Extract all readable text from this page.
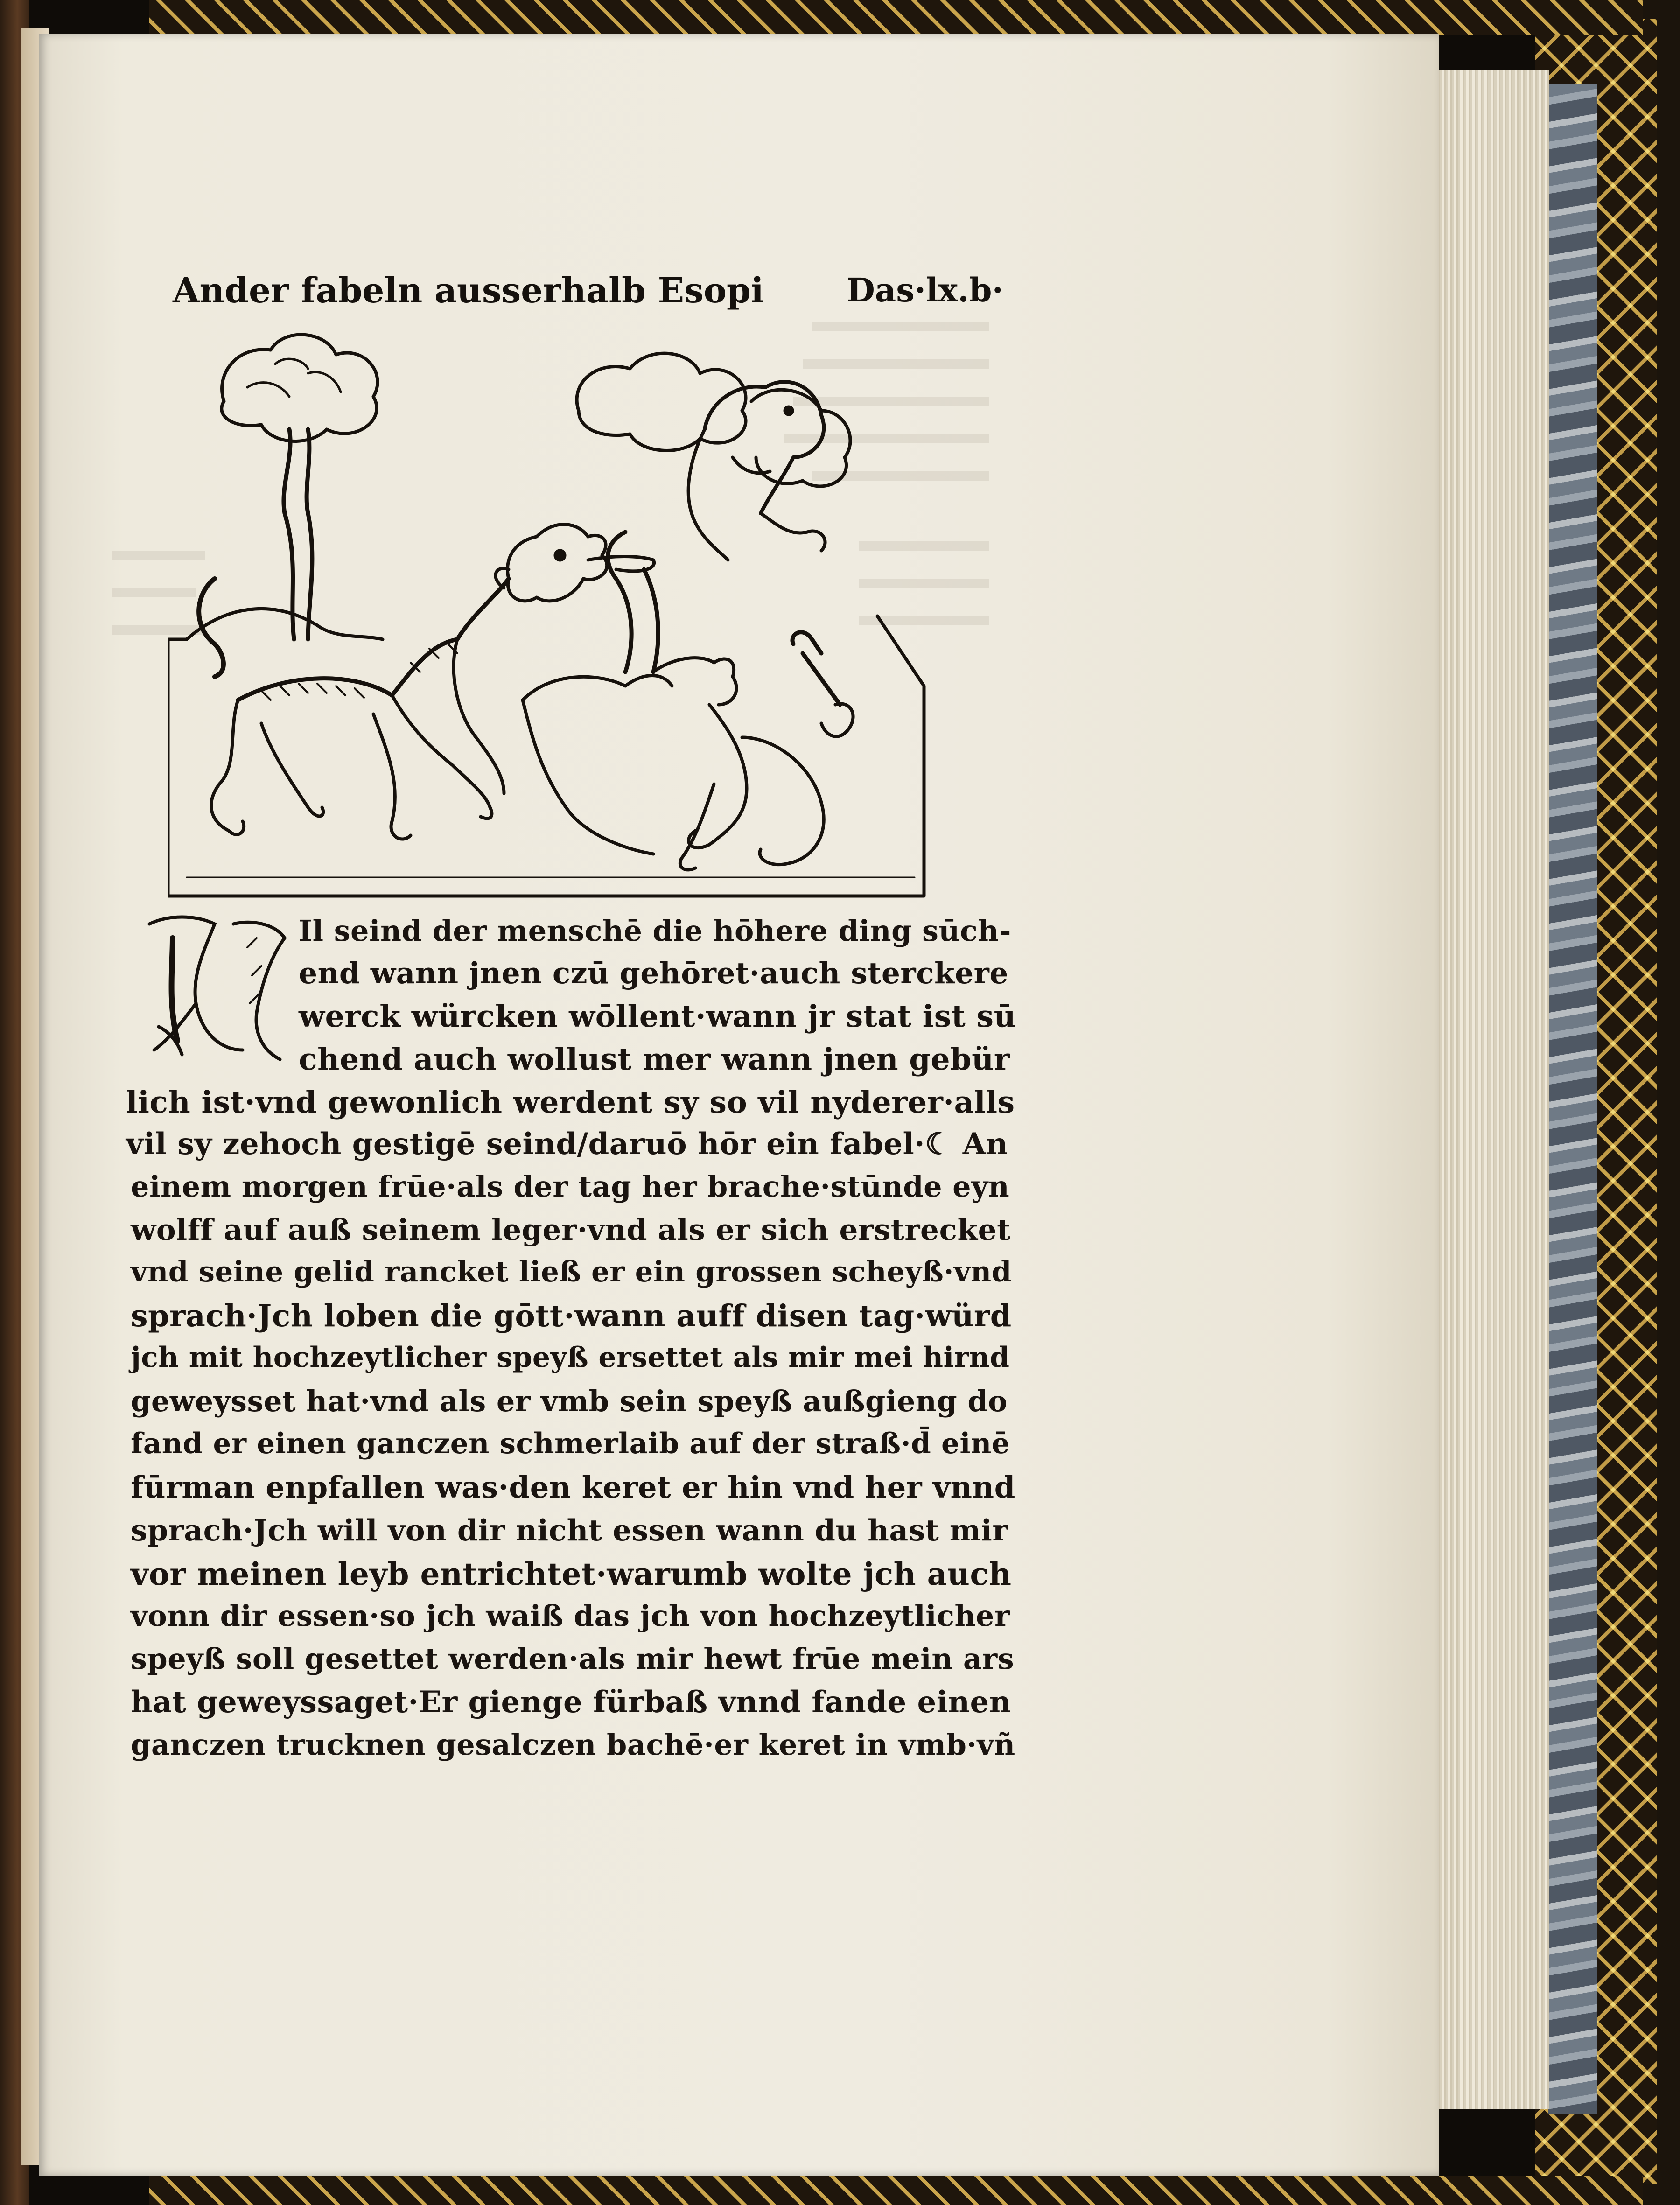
Ander fabeln ausserhalb Esopi	Das·lx.b·
Il seind der menschē die hōhere ding sūch-
end wann jnen czū gehōret·auch sterckere
werck würcken wōllent·wann jr stat ist sū
chend auch wollust mer wann jnen gebür
lich ist·vnd gewonlich werdent sy so vil nyderer·alls
vil sy zehoch gestigē seind/daruō hōr ein fabel·☾ An
einem morgen frūe·als der tag her brache·stūnde eyn
wolff auf auß seinem leger·vnd als er sich erstrecket
vnd seine gelid rancket ließ er ein grossen scheyß·vnd
sprach·Jch loben die gōtt·wann auff disen tag·würd
jch mit hochzeytlicher speyß ersettet als mir mei hirnd
geweysset hat·vnd als er vmb sein speyß außgieng do
fand er einen ganczen schmerlaib auf der straß·d̄ einē
fūrman enpfallen was·den keret er hin vnd her vnnd
sprach·Jch will von dir nicht essen wann du hast mir
vor meinen leyb entrichtet·warumb wolte jch auch
vonn dir essen·so jch waiß das jch von hochzeytlicher
speyß soll gesettet werden·als mir hewt frūe mein ars
hat geweyssaget·Er gienge fürbaß vnnd fande einen
ganczen trucknen gesalczen bachē·er keret in vmb·vñ
